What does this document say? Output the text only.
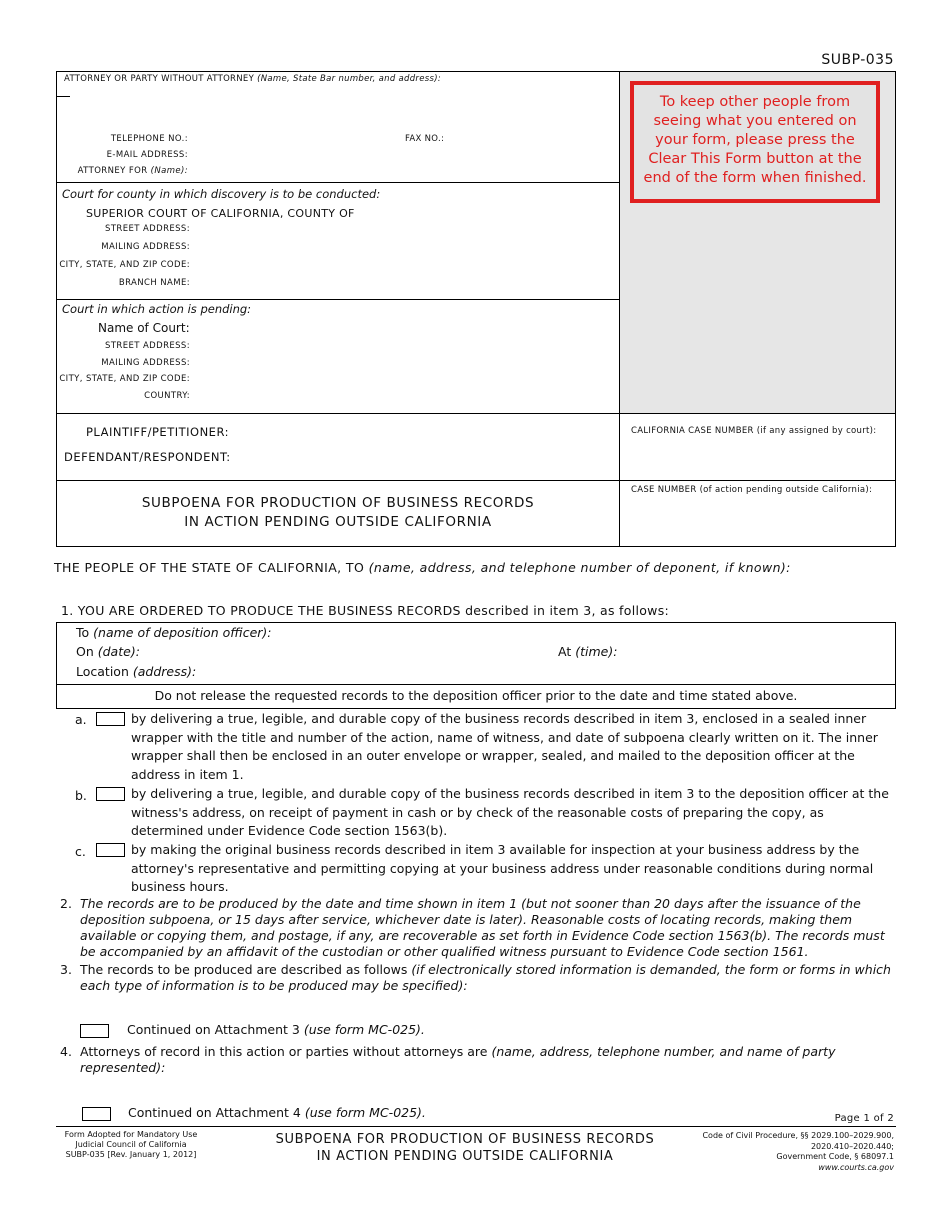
SUBP-035
ATTORNEY OR PARTY WITHOUT ATTORNEY (Name, State Bar number, and address):
TELEPHONE NO.:	FAX NO.:
E-MAIL ADDRESS:
ATTORNEY FOR (Name):
Court for county in which discovery is to be conducted:
SUPERIOR COURT OF CALIFORNIA, COUNTY OF
STREET ADDRESS:
MAILING ADDRESS:
CITY, STATE, AND ZIP CODE:
BRANCH NAME:
Court in which action is pending:
Name of Court:
STREET ADDRESS:
MAILING ADDRESS:
CITY, STATE, AND ZIP CODE:
COUNTRY:
PLAINTIFF/PETITIONER:
DEFENDANT/RESPONDENT:
CALIFORNIA CASE NUMBER (if any assigned by court):
CASE NUMBER (of action pending outside California):
SUBPOENA FOR PRODUCTION OF BUSINESS RECORDS
IN ACTION PENDING OUTSIDE CALIFORNIA
To keep other people from seeing what you entered on your form, please press the Clear This Form button at the end of the form when finished.
THE PEOPLE OF THE STATE OF CALIFORNIA, TO (name, address, and telephone number of deponent, if known):
1. YOU ARE ORDERED TO PRODUCE THE BUSINESS RECORDS described in item 3, as follows:
To (name of deposition officer):
On (date):	At (time):
Location (address):
Do not release the requested records to the deposition officer prior to the date and time stated above.
a.	by delivering a true, legible, and durable copy of the business records described in item 3, enclosed in a sealed inner wrapper with the title and number of the action, name of witness, and date of subpoena clearly written on it. The inner wrapper shall then be enclosed in an outer envelope or wrapper, sealed, and mailed to the deposition officer at the address in item 1.
b.	by delivering a true, legible, and durable copy of the business records described in item 3 to the deposition officer at the witness's address, on receipt of payment in cash or by check of the reasonable costs of preparing the copy, as determined under Evidence Code section 1563(b).
c.	by making the original business records described in item 3 available for inspection at your business address by the attorney's representative and permitting copying at your business address under reasonable conditions during normal business hours.
2. The records are to be produced by the date and time shown in item 1 (but not sooner than 20 days after the issuance of the deposition subpoena, or 15 days after service, whichever date is later). Reasonable costs of locating records, making them available or copying them, and postage, if any, are recoverable as set forth in Evidence Code section 1563(b). The records must be accompanied by an affidavit of the custodian or other qualified witness pursuant to Evidence Code section 1561.
3. The records to be produced are described as follows (if electronically stored information is demanded, the form or forms in which each type of information is to be produced may be specified):
Continued on Attachment 3 (use form MC-025).
4. Attorneys of record in this action or parties without attorneys are (name, address, telephone number, and name of party represented):
Continued on Attachment 4 (use form MC-025).	Page 1 of 2
Form Adopted for Mandatory Use
Judicial Council of California
SUBP-035 [Rev. January 1, 2012]
SUBPOENA FOR PRODUCTION OF BUSINESS RECORDS
IN ACTION PENDING OUTSIDE CALIFORNIA
Code of Civil Procedure, §§ 2029.100–2029.900,
2020.410–2020.440;
Government Code, § 68097.1
www.courts.ca.gov
